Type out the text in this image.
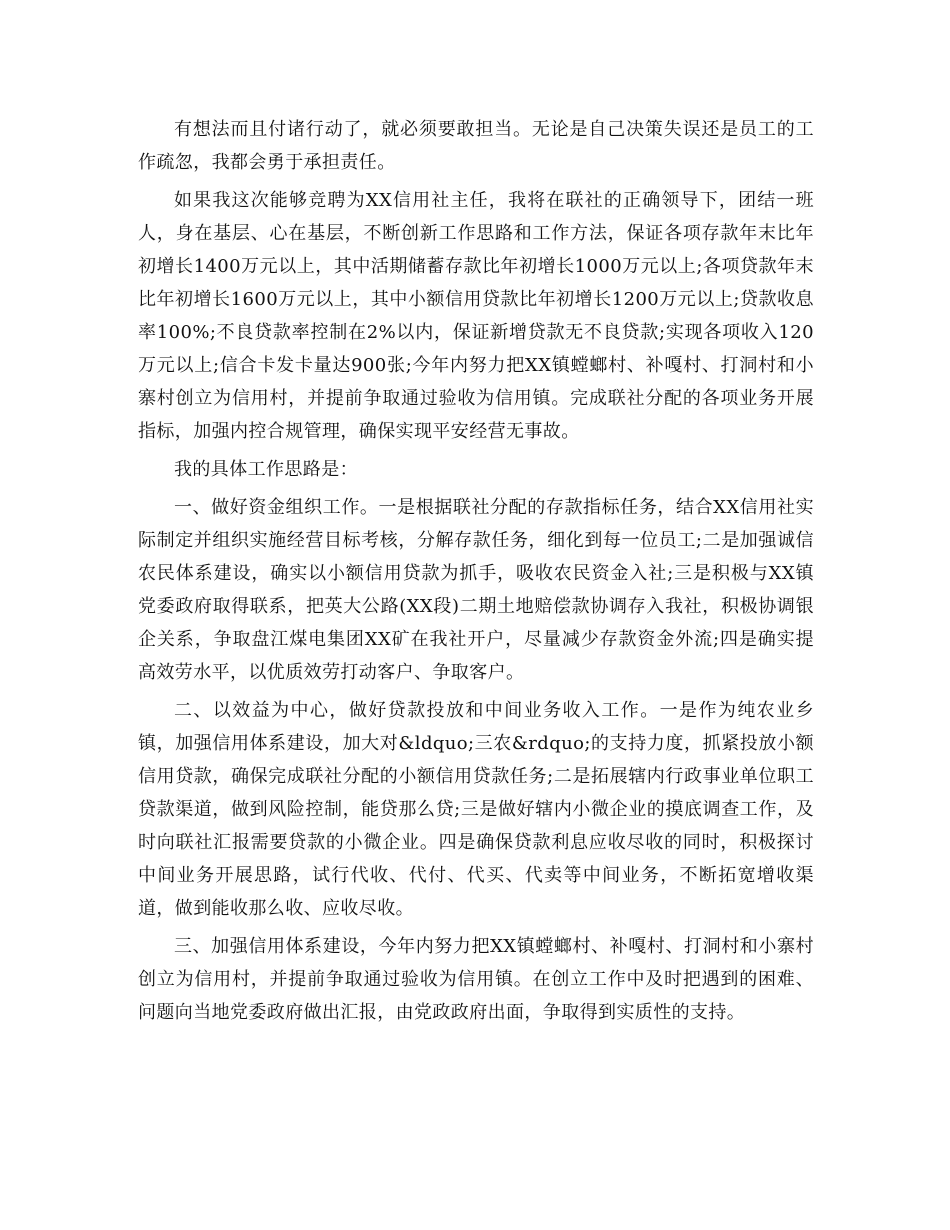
有想法而且付诸行动了，就必须要敢担当。无论是自己决策失误还是员工的工作疏忽，我都会勇于承担责任。

如果我这次能够竞聘为XX信用社主任，我将在联社的正确领导下，团结一班人，身在基层、心在基层，不断创新工作思路和工作方法，保证各项存款年末比年初增长1400万元以上，其中活期储蓄存款比年初增长1000万元以上;各项贷款年末比年初增长1600万元以上，其中小额信用贷款比年初增长1200万元以上;贷款收息率100%;不良贷款率控制在2%以内，保证新增贷款无不良贷款;实现各项收入120万元以上;信合卡发卡量达900张;今年内努力把XX镇螳螂村、补嘎村、打洞村和小寨村创立为信用村，并提前争取通过验收为信用镇。完成联社分配的各项业务开展指标，加强内控合规管理，确保实现平安经营无事故。

我的具体工作思路是：

一、做好资金组织工作。一是根据联社分配的存款指标任务，结合XX信用社实际制定并组织实施经营目标考核，分解存款任务，细化到每一位员工;二是加强诚信农民体系建设，确实以小额信用贷款为抓手，吸收农民资金入社;三是积极与XX镇党委政府取得联系，把英大公路(XX段)二期土地赔偿款协调存入我社，积极协调银企关系，争取盘江煤电集团XX矿在我社开户，尽量减少存款资金外流;四是确实提高效劳水平，以优质效劳打动客户、争取客户。

二、以效益为中心，做好贷款投放和中间业务收入工作。一是作为纯农业乡镇，加强信用体系建设，加大对&ldquo;三农&rdquo;的支持力度，抓紧投放小额信用贷款，确保完成联社分配的小额信用贷款任务;二是拓展辖内行政事业单位职工贷款渠道，做到风险控制，能贷那么贷;三是做好辖内小微企业的摸底调查工作，及时向联社汇报需要贷款的小微企业。四是确保贷款利息应收尽收的同时，积极探讨中间业务开展思路，试行代收、代付、代买、代卖等中间业务，不断拓宽增收渠道，做到能收那么收、应收尽收。

三、加强信用体系建设，今年内努力把XX镇螳螂村、补嘎村、打洞村和小寨村创立为信用村，并提前争取通过验收为信用镇。在创立工作中及时把遇到的困难、问题向当地党委政府做出汇报，由党政政府出面，争取得到实质性的支持。
